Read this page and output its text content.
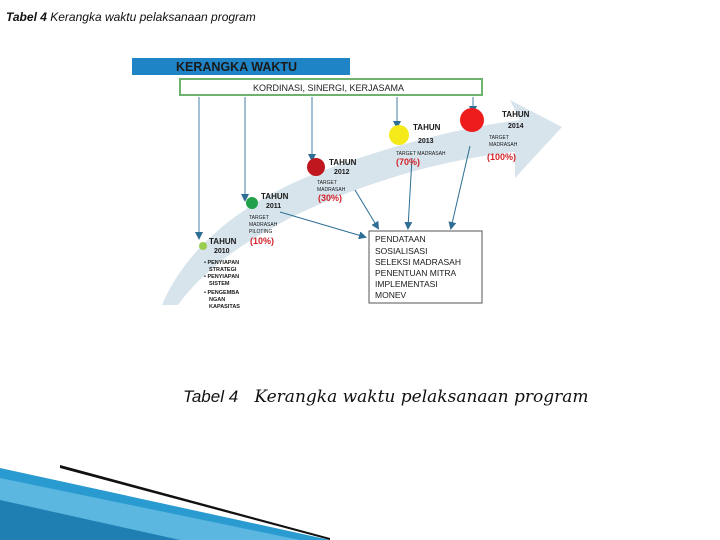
Tabel 4 Kerangka waktu pelaksanaan program
KERANGKA WAKTU
KORDINASI, SINERGI, KERJASAMA
TAHUN
2010
(10%)
• PENYIAPAN
STRATEGI
• PENYIAPAN
SISTEM
• PENGEMBA
NGAN
KAPASITAS
TAHUN
2011
TARGET
MADRASAH
PILOTING
(30%)
TAHUN
2012
TARGET
MADRASAH
(70%)
TAHUN
2013
TARGET MADRASAH	(100%)
TAHUN
2014
TARGET
MADRASAH
PENDATAAN
SOSIALISASI
SELEKSI MADRASAH
PENENTUAN MITRA
IMPLEMENTASI
MONEV
Tabel 4 Kerangka waktu pelaksanaan program
